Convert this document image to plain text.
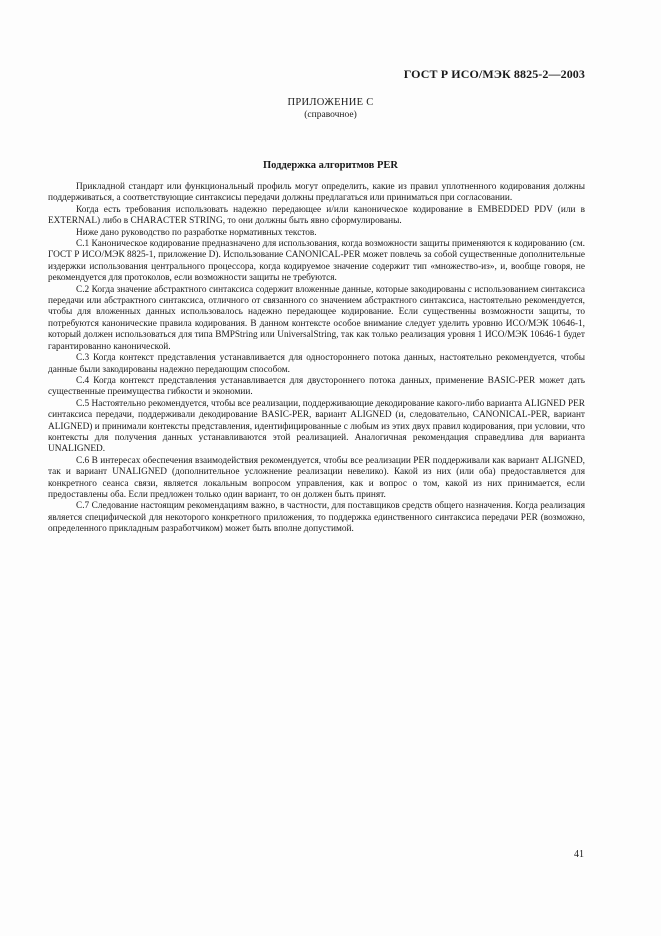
ГОСТ Р ИСО/МЭК 8825-2—2003
ПРИЛОЖЕНИЕ С
(справочное)
Поддержка алгоритмов PER

Прикладной стандарт или функциональный профиль могут определить, какие из правил уплотненного кодирования должны поддерживаться, а соответствующие синтаксисы передачи должны предлагаться или приниматься при согласовании.

Когда есть требования использовать надежно передающее и/или каноническое кодирование в EMBEDDED PDV (или в EXTERNAL) либо в CHARACTER STRING, то они должны быть явно сформулированы.

Ниже дано руководство по разработке нормативных текстов.

С.1 Каноническое кодирование предназначено для использования, когда возможности защиты применяются к кодированию (см. ГОСТ Р ИСО/МЭК 8825-1, приложение D). Использование CANONICAL-PER может повлечь за собой существенные дополнительные издержки использования центрального процессора, когда кодируемое значение содержит тип «множество-из», и, вообще говоря, не рекомендуется для протоколов, если возможности защиты не требуются.

С.2 Когда значение абстрактного синтаксиса содержит вложенные данные, которые закодированы с использованием синтаксиса передачи или абстрактного синтаксиса, отличного от связанного со значением абстрактного синтаксиса, настоятельно рекомендуется, чтобы для вложенных данных использовалось надежно передающее кодирование. Если существенны возможности защиты, то потребуются канонические правила кодирования. В данном контексте особое внимание следует уделить уровню ИСО/МЭК 10646-1, который должен использоваться для типа BMPString или UniversalString, так как только реализация уровня 1 ИСО/МЭК 10646-1 будет гарантированно канонической.

С.3 Когда контекст представления устанавливается для одностороннего потока данных, настоятельно рекомендуется, чтобы данные были закодированы надежно передающим способом.

С.4 Когда контекст представления устанавливается для двустороннего потока данных, применение BASIC-PER может дать существенные преимущества гибкости и экономии.

С.5 Настоятельно рекомендуется, чтобы все реализации, поддерживающие декодирование какого-либо варианта ALIGNED PER синтаксиса передачи, поддерживали декодирование BASIC-PER, вариант ALIGNED (и, следовательно, CANONICAL-PER, вариант ALIGNED) и принимали контексты представления, идентифицированные с любым из этих двух правил кодирования, при условии, что контексты для получения данных устанавливаются этой реализацией. Аналогичная рекомендация справедлива для варианта UNALIGNED.

С.6 В интересах обеспечения взаимодействия рекомендуется, чтобы все реализации PER поддерживали как вариант ALIGNED, так и вариант UNALIGNED (дополнительное усложнение реализации невелико). Какой из них (или оба) предоставляется для конкретного сеанса связи, является локальным вопросом управления, как и вопрос о том, какой из них принимается, если предоставлены оба. Если предложен только один вариант, то он должен быть принят.

С.7 Следование настоящим рекомендациям важно, в частности, для поставщиков средств общего назначения. Когда реализация является специфической для некоторого конкретного приложения, то поддержка единственного синтаксиса передачи PER (возможно, определенного прикладным разработчиком) может быть вполне допустимой.

41
